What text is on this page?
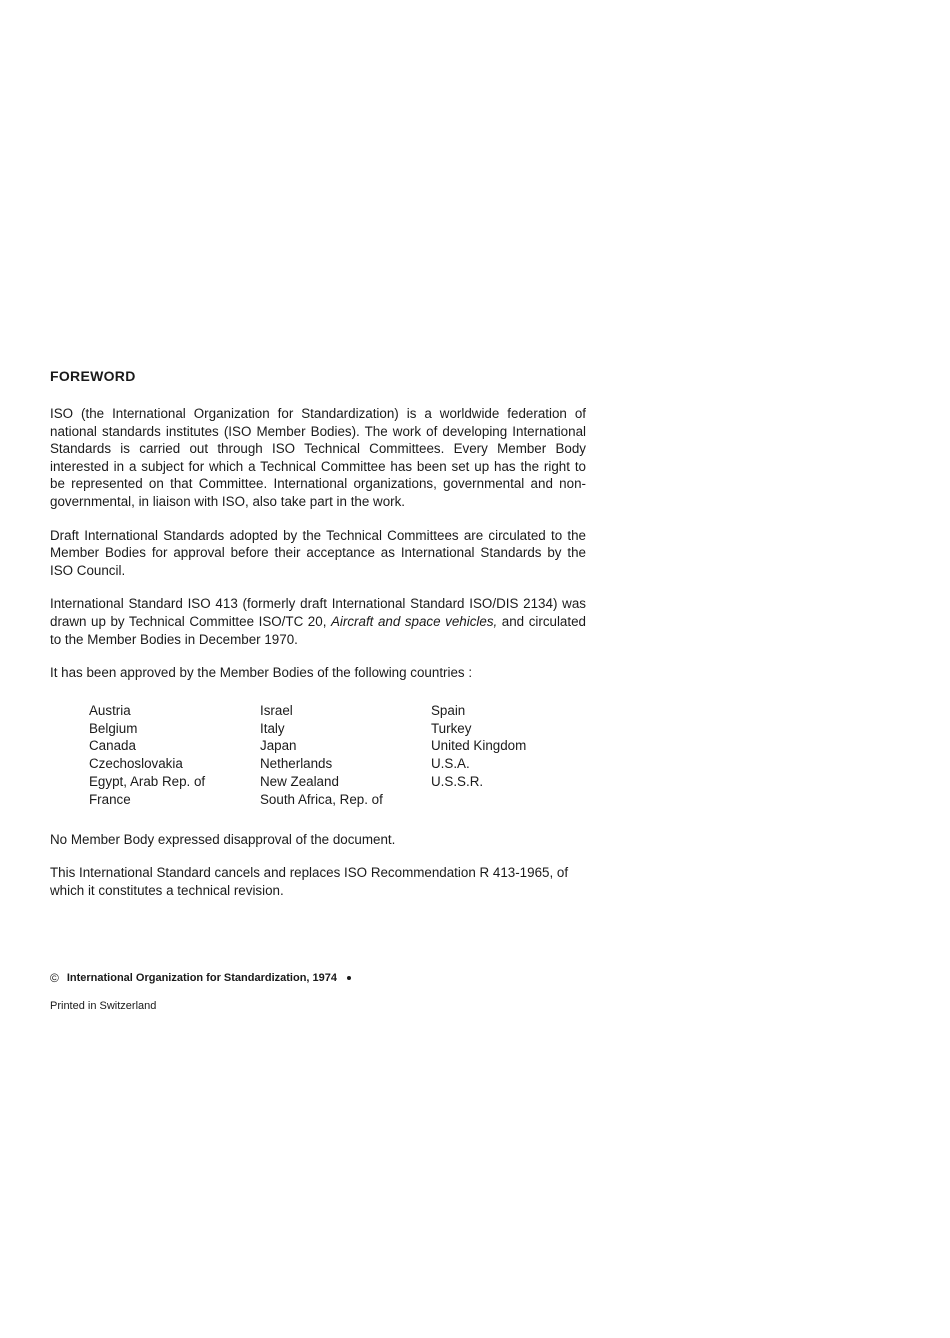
FOREWORD

ISO (the International Organization for Standardization) is a worldwide federation of national standards institutes (ISO Member Bodies). The work of developing International Standards is carried out through ISO Technical Committees. Every Member Body interested in a subject for which a Technical Committee has been set up has the right to be represented on that Committee. International organizations, governmental and non-governmental, in liaison with ISO, also take part in the work.

Draft International Standards adopted by the Technical Committees are circulated to the Member Bodies for approval before their acceptance as International Standards by the ISO Council.

International Standard ISO 413 (formerly draft International Standard ISO/DIS 2134) was drawn up by Technical Committee ISO/TC 20, Aircraft and space vehicles, and circulated to the Member Bodies in December 1970.

It has been approved by the Member Bodies of the following countries :

Austria
Belgium
Canada
Czechoslovakia
Egypt, Arab Rep. of
France
Israel
Italy
Japan
Netherlands
New Zealand
South Africa, Rep. of
Spain
Turkey
United Kingdom
U.S.A.
U.S.S.R.

No Member Body expressed disapproval of the document.

This International Standard cancels and replaces ISO Recommendation R 413-1965, of which it constitutes a technical revision.

© International Organization for Standardization, 1974
Printed in Switzerland
